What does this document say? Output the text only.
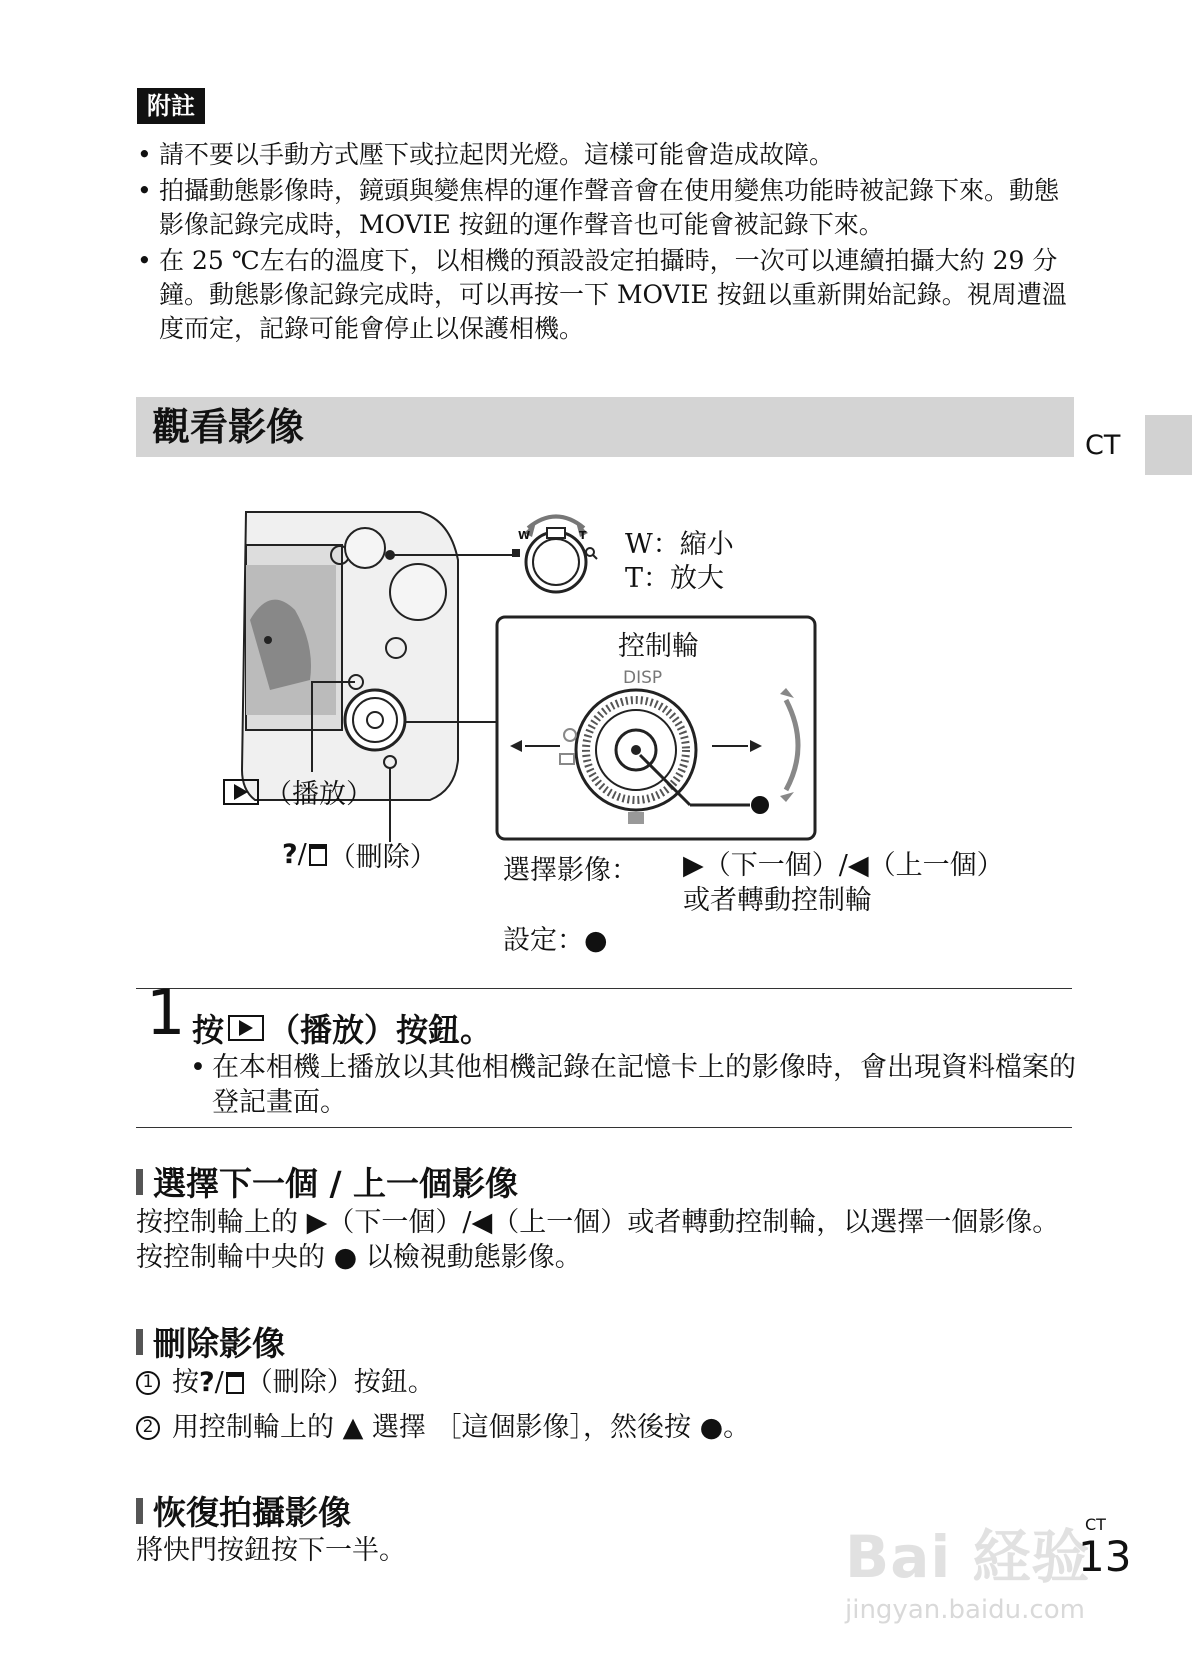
附註
• 請不要以手動方式壓下或拉起閃光燈。這樣可能會造成故障。
• 拍攝動態影像時，鏡頭與變焦桿的運作聲音會在使用變焦功能時被記錄下來。動態影像記錄完成時，MOVIE 按鈕的運作聲音也可能會被記錄下來。
• 在 25 ℃左右的溫度下，以相機的預設設定拍攝時，一次可以連續拍攝大約 29 分鐘。動態影像記錄完成時，可以再按一下 MOVIE 按鈕以重新開始記錄。視周遭溫度而定，記錄可能會停止以保護相機。
觀看影像	CT
W：縮小
T：放大
W	T
控制輪
DISP
（播放）
? / （刪除） 選擇影像： ▶（下一個）/◀（上一個）
或者轉動控制輪
設定：●
1 按 （播放）按鈕。
• 在本相機上播放以其他相機記錄在記憶卡上的影像時，會出現資料檔案的登記畫面。
選擇下一個 / 上一個影像
按控制輪上的 ▶（下一個）/◀（上一個）或者轉動控制輪，以選擇一個影像。按控制輪中央的 ● 以檢視動態影像。
刪除影像
1 按 ? / （刪除）按鈕。
2 用控制輪上的 ▲ 選擇 ［這個影像］，然後按 ●。
恢復拍攝影像
將快門按鈕按下一半。	Bai 経验
jingyan.baidu.com
CT
13
